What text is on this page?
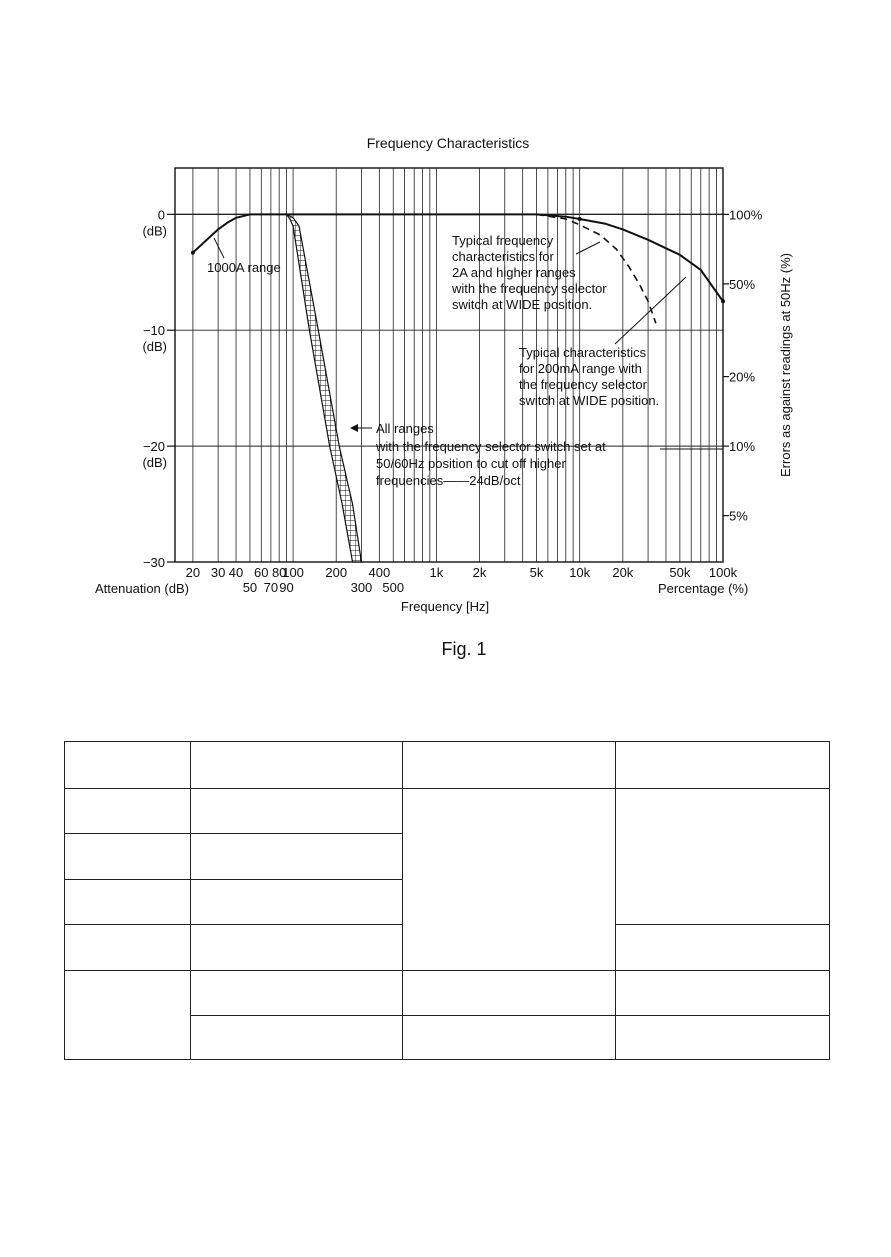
Frequency Characteristics
0
(dB)
−10
(dB)
−20
(dB)
−30
100%
50%
20%
10%
5%
20 30 40 60 80
100 200 400	1k 2k	5k 10k 20k	50k 100k
50 70 90	300 500
Attenuation (dB)	Percentage (%)
Frequency [Hz]
Errors as against readings at 50Hz (%)
Fig. 1
1000A range
Typical frequency
characteristics for
2A and higher ranges
with the frequency selector
switch at WIDE position.
Typical characteristics
for 200mA range with
the frequency selector
switch at WIDE position.
All ranges
with the frequency selector switch set at
50/60Hz position to cut off higher
frequencies——24dB/oct
